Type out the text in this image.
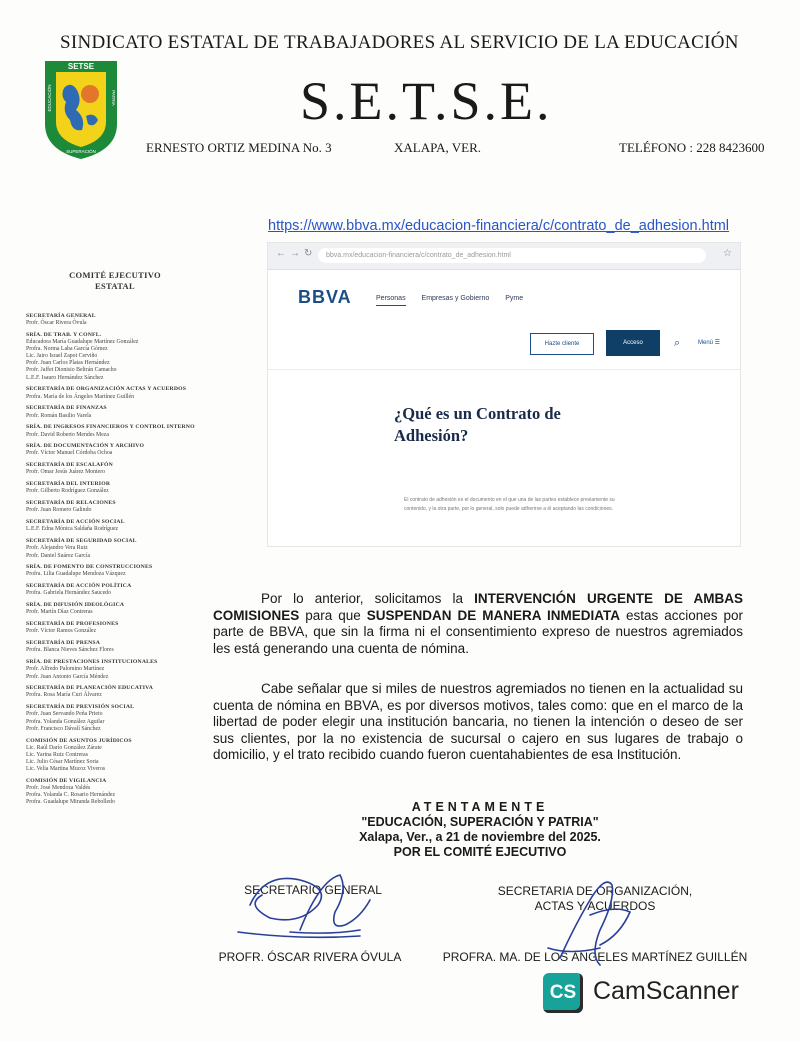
SINDICATO ESTATAL DE TRABAJADORES AL SERVICIO DE LA EDUCACIÓN
SETSE
EDUCACIÓN	PATRIA
SUPERACIÓN
S.E.T.S.E.
ERNESTO ORTIZ MEDINA No. 3	XALAPA, VER.	TELÉFONO : 228 8423600
https://www.bbva.mx/educacion-financiera/c/contrato_de_adhesion.html
←→↻	bbva.mx/educacion-financiera/c/contrato_de_adhesion.html	☆
BBVA	Personas Empresas y Gobierno Pyme
Hazte cliente	Acceso	⌕	Menú ☰
¿Qué es un Contrato de Adhesión?
El contrato de adhesión es el documento en el que una de las partes establece previamente su contenido, y la otra parte, por lo general, solo puede adherirse a él aceptando las condiciones.
COMITÉ EJECUTIVO
ESTATAL
SECRETARÍA GENERAL
Profr. Óscar Rivera Óvula
SRÍA. DE TRAB. Y CONFL.
Educadora María Guadalupe Martínez González
Profra. Norma Laba García Gómez
Lic. Jairo Israel Zapot Cerviño
Profr. Juan Carlos Platas Hernández
Profr. Jaffet Dionisio Beltrán Camacho
L.E.F. Isauro Hernández Sánchez
SECRETARÍA DE ORGANIZACIÓN ACTAS Y ACUERDOS
Profra. María de los Ángeles Martínez Guillén
SECRETARÍA DE FINANZAS
Profr. Román Basilio Varela
SRÍA. DE INGRESOS FINANCIEROS Y CONTROL INTERNO
Profr. David Roberto Mendes Meza
SRÍA. DE DOCUMENTACIÓN Y ARCHIVO
Profr. Víctor Manuel Córdoba Ochoa
SECRETARÍA DE ESCALAFÓN
Profr. Omar Jesús Juárez Montero
SECRETARÍA DEL INTERIOR
Profr. Gilberto Rodríguez González
SECRETARÍA DE RELACIONES
Profr. Juan Romero Galindo
SECRETARÍA DE ACCIÓN SOCIAL
L.E.F. Edna Mónica Saldaña Rodríguez
SECRETARÍA DE SEGURIDAD SOCIAL
Profr. Alejandro Vera Ruiz
Profr. Daniel Suárez García
SRÍA. DE FOMENTO DE CONSTRUCCIONES
Profra. Lilia Guadalupe Mendoza Vázquez
SECRETARÍA DE ACCIÓN POLÍTICA
Profra. Gabriela Hernández Saucedo
SRÍA. DE DIFUSIÓN IDEOLÓGICA
Profr. Martín Díaz Contreras
SECRETARÍA DE PROFESIONES
Profr. Víctor Ramos González
SECRETARÍA DE PRENSA
Profra. Blanca Nieves Sánchez Flores
SRÍA. DE PRESTACIONES INSTITUCIONALES
Profr. Alfredo Palomino Martínez
Profr. Juan Antonio García Méndez
SECRETARÍA DE PLANEACIÓN EDUCATIVA
Profra. Rosa María Curi Álvarez
SECRETARÍA DE PREVISIÓN SOCIAL
Profr. Juan Servando Peña Prieto
Profra. Yolanda González Aguilar
Profr. Francisco Dávalí Sánchez
COMISIÓN DE ASUNTOS JURÍDICOS
Lic. Raúl Darío González Zárate
Lic. Yarina Ruiz Contreras
Lic. Julio César Martínez Soria
Lic. Velia Martina Mucoz Viveros
COMISIÓN DE VIGILANCIA
Profr. José Mendoza Valdés
Profra. Yolanda C. Rosario Hernández
Profra. Guadalupe Miranda Rebolledo
Por lo anterior, solicitamos la INTERVENCIÓN URGENTE DE AMBAS COMISIONES para que SUSPENDAN DE MANERA INMEDIATA estas acciones por parte de BBVA, que sin la firma ni el consentimiento expreso de nuestros agremiados les está generando una cuenta de nómina.
Cabe señalar que si miles de nuestros agremiados no tienen en la actualidad su cuenta de nómina en BBVA, es por diversos motivos, tales como: que en el marco de la libertad de poder elegir una institución bancaria, no tienen la intención o deseo de ser sus clientes, por la no existencia de sucursal o cajero en sus lugares de trabajo o domicilio, y el trato recibido cuando fueron cuentahabientes de esa Institución.
ATENTAMENTE
"EDUCACIÓN, SUPERACIÓN Y PATRIA"
Xalapa, Ver., a 21 de noviembre del 2025.
POR EL COMITÉ EJECUTIVO
SECRETARIO GENERAL	SECRETARIA DE ORGANIZACIÓN,
ACTAS Y ACUERDOS
PROFR. ÓSCAR RIVERA ÓVULA	PROFRA. MA. DE LOS ÁNGELES MARTÍNEZ GUILLÉN
CS CamScanner
